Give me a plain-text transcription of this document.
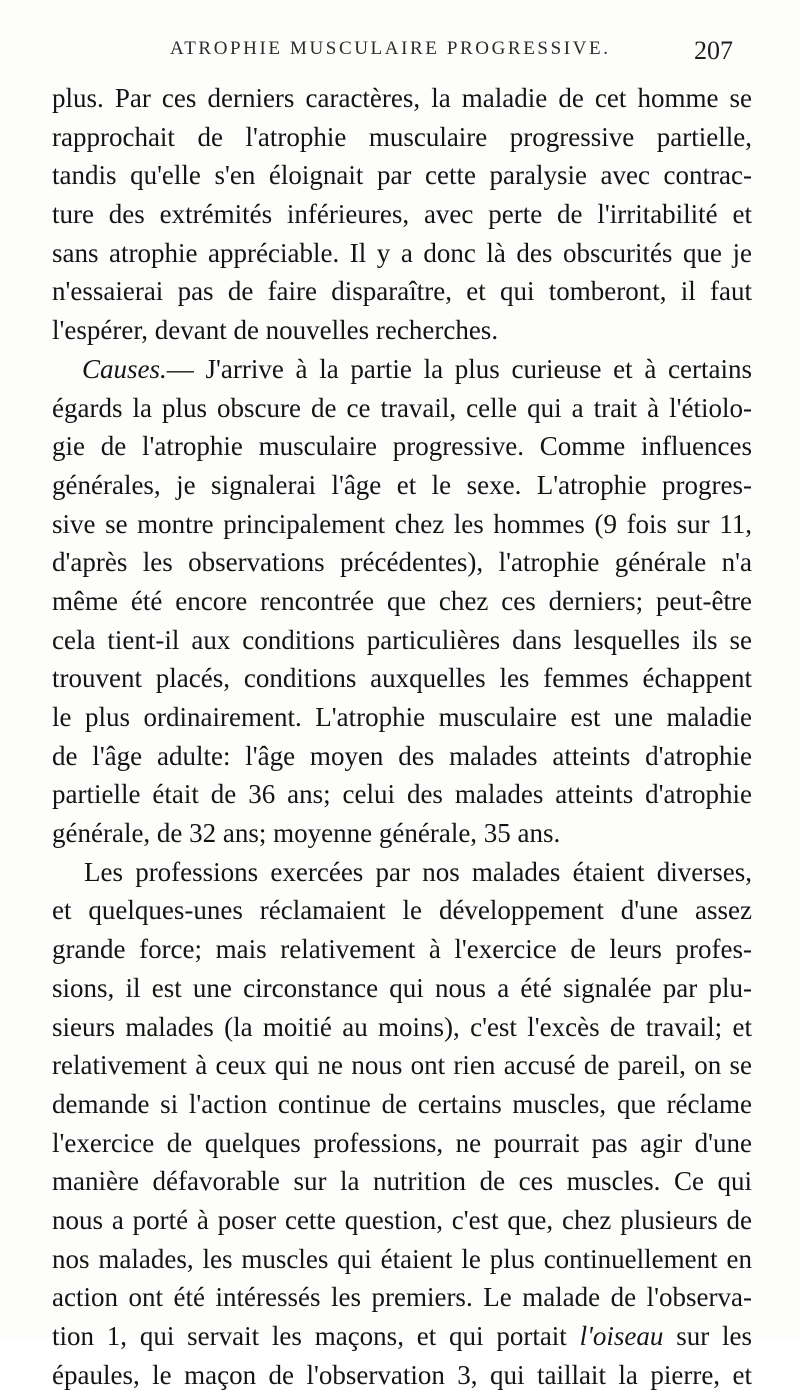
ATROPHIE MUSCULAIRE PROGRESSIVE.	207
plus. Par ces derniers caractères, la maladie de cet homme se
rapprochait de l'atrophie musculaire progressive partielle,
tandis qu'elle s'en éloignait par cette paralysie avec contrac-
ture des extrémités inférieures, avec perte de l'irritabilité et
sans atrophie appréciable. Il y a donc là des obscurités que je
n'essaierai pas de faire disparaître, et qui tomberont, il faut
l'espérer, devant de nouvelles recherches.
Causes.— J'arrive à la partie la plus curieuse et à certains
égards la plus obscure de ce travail, celle qui a trait à l'étiolo-
gie de l'atrophie musculaire progressive. Comme influences
générales, je signalerai l'âge et le sexe. L'atrophie progres-
sive se montre principalement chez les hommes (9 fois sur 11,
d'après les observations précédentes), l'atrophie générale n'a
même été encore rencontrée que chez ces derniers; peut-être
cela tient-il aux conditions particulières dans lesquelles ils se
trouvent placés, conditions auxquelles les femmes échappent
le plus ordinairement. L'atrophie musculaire est une maladie
de l'âge adulte: l'âge moyen des malades atteints d'atrophie
partielle était de 36 ans; celui des malades atteints d'atrophie
générale, de 32 ans; moyenne générale, 35 ans.
Les professions exercées par nos malades étaient diverses,
et quelques-unes réclamaient le développement d'une assez
grande force; mais relativement à l'exercice de leurs profes-
sions, il est une circonstance qui nous a été signalée par plu-
sieurs malades (la moitié au moins), c'est l'excès de travail; et
relativement à ceux qui ne nous ont rien accusé de pareil, on se
demande si l'action continue de certains muscles, que réclame
l'exercice de quelques professions, ne pourrait pas agir d'une
manière défavorable sur la nutrition de ces muscles. Ce qui
nous a porté à poser cette question, c'est que, chez plusieurs de
nos malades, les muscles qui étaient le plus continuellement en
action ont été intéressés les premiers. Le malade de l'observa-
tion 1, qui servait les maçons, et qui portait l'oiseau sur les
épaules, le maçon de l'observation 3, qui taillait la pierre, et
